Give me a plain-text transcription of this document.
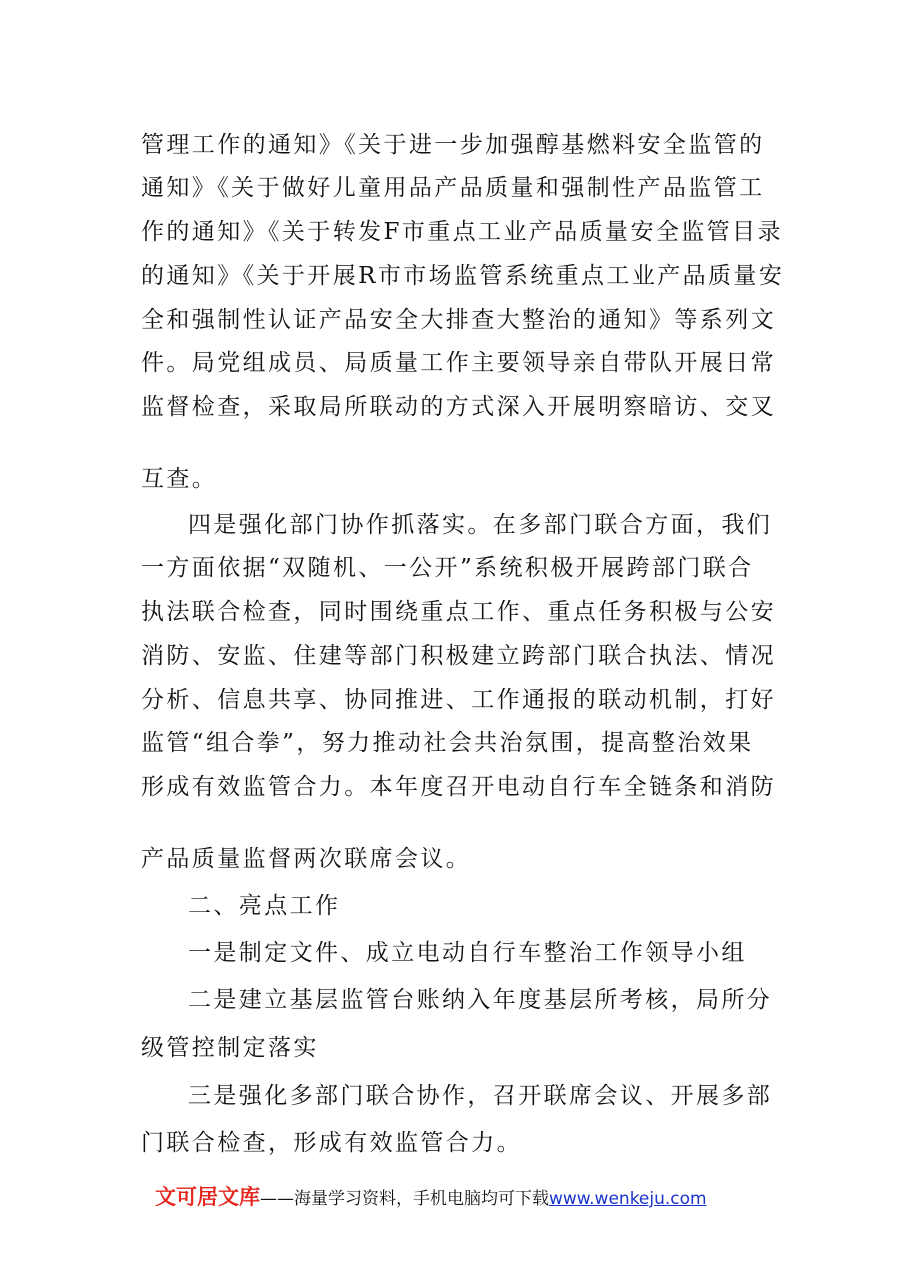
管理工作的通知》《关于进一步加强醇基燃料安全监管的
通知》《关于做好儿童用品产品质量和强制性产品监管工
作的通知》《关于转发F市重点工业产品质量安全监管目录
的通知》《关于开展R市市场监管系统重点工业产品质量安
全和强制性认证产品安全大排查大整治的通知》等系列文
件。局党组成员、局质量工作主要领导亲自带队开展日常
监督检查，采取局所联动的方式深入开展明察暗访、交叉
互查。
四是强化部门协作抓落实。在多部门联合方面，我们
一方面依据“双随机、一公开”系统积极开展跨部门联合
执法联合检查，同时围绕重点工作、重点任务积极与公安
消防、安监、住建等部门积极建立跨部门联合执法、情况
分析、信息共享、协同推进、工作通报的联动机制，打好
监管“组合拳”，努力推动社会共治氛围，提高整治效果
形成有效监管合力。本年度召开电动自行车全链条和消防
产品质量监督两次联席会议。
二、亮点工作
一是制定文件、成立电动自行车整治工作领导小组
二是建立基层监管台账纳入年度基层所考核，局所分
级管控制定落实
三是强化多部门联合协作，召开联席会议、开展多部
门联合检查，形成有效监管合力。
文可居文库——海量学习资料，手机电脑均可下载www.wenkeju.com
